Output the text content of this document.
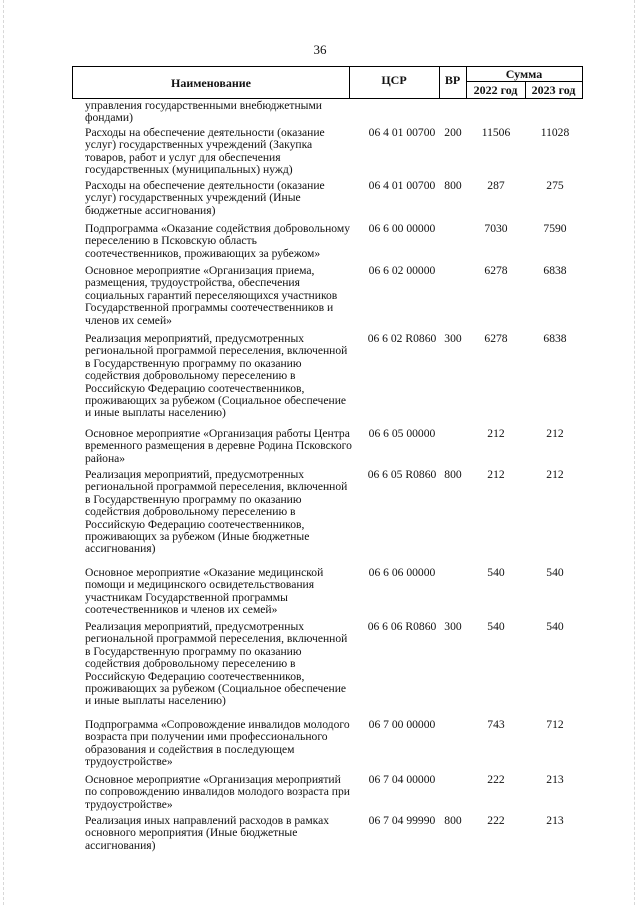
36
Наименование	ЦСР	ВР	Сумма
2022 год	2023 год
управления государственными внебюджетными фондами)
Расходы на обеспечение деятельности (оказание услуг) государственных учреждений (Закупка товаров, работ и услуг для обеспечения государственных (муниципальных) нужд)
06 4 01 00700 200	11506	11028
Расходы на обеспечение деятельности (оказание услуг) государственных учреждений (Иные бюджетные ассигнования)
06 4 01 00700 800	287	275
Подпрограмма «Оказание содействия добровольному переселению в Псковскую область соотечественников, проживающих за рубежом»
06 6 00 00000	7030	7590
Основное мероприятие «Организация приема, размещения, трудоустройства, обеспечения социальных гарантий переселяющихся участников Государственной программы соотечественников и членов их семей»
06 6 02 00000	6278	6838
Реализация мероприятий, предусмотренных региональной программой переселения, включенной в Государственную программу по оказанию содействия добровольному переселению в Российскую Федерацию соотечественников, проживающих за рубежом (Социальное обеспечение и иные выплаты населению)
06 6 02 R0860 300	6278	6838
Основное мероприятие «Организация работы Центра временного размещения в деревне Родина Псковского района»
06 6 05 00000	212	212
Реализация мероприятий, предусмотренных региональной программой переселения, включенной в Государственную программу по оказанию содействия добровольному переселению в Российскую Федерацию соотечественников, проживающих за рубежом (Иные бюджетные ассигнования)
06 6 05 R0860 800	212	212
Основное мероприятие «Оказание медицинской помощи и медицинского освидетельствования участникам Государственной программы соотечественников и членов их семей»
06 6 06 00000	540	540
Реализация мероприятий, предусмотренных региональной программой переселения, включенной в Государственную программу по оказанию содействия добровольному переселению в Российскую Федерацию соотечественников, проживающих за рубежом (Социальное обеспечение и иные выплаты населению)
06 6 06 R0860 300	540	540
Подпрограмма «Сопровождение инвалидов молодого возраста при получении ими профессионального образования и содействия в последующем трудоустройстве»
06 7 00 00000	743	712
Основное мероприятие «Организация мероприятий по сопровождению инвалидов молодого возраста при трудоустройстве»
06 7 04 00000	222	213
Реализация иных направлений расходов в рамках основного мероприятия (Иные бюджетные ассигнования)
06 7 04 99990 800	222	213
